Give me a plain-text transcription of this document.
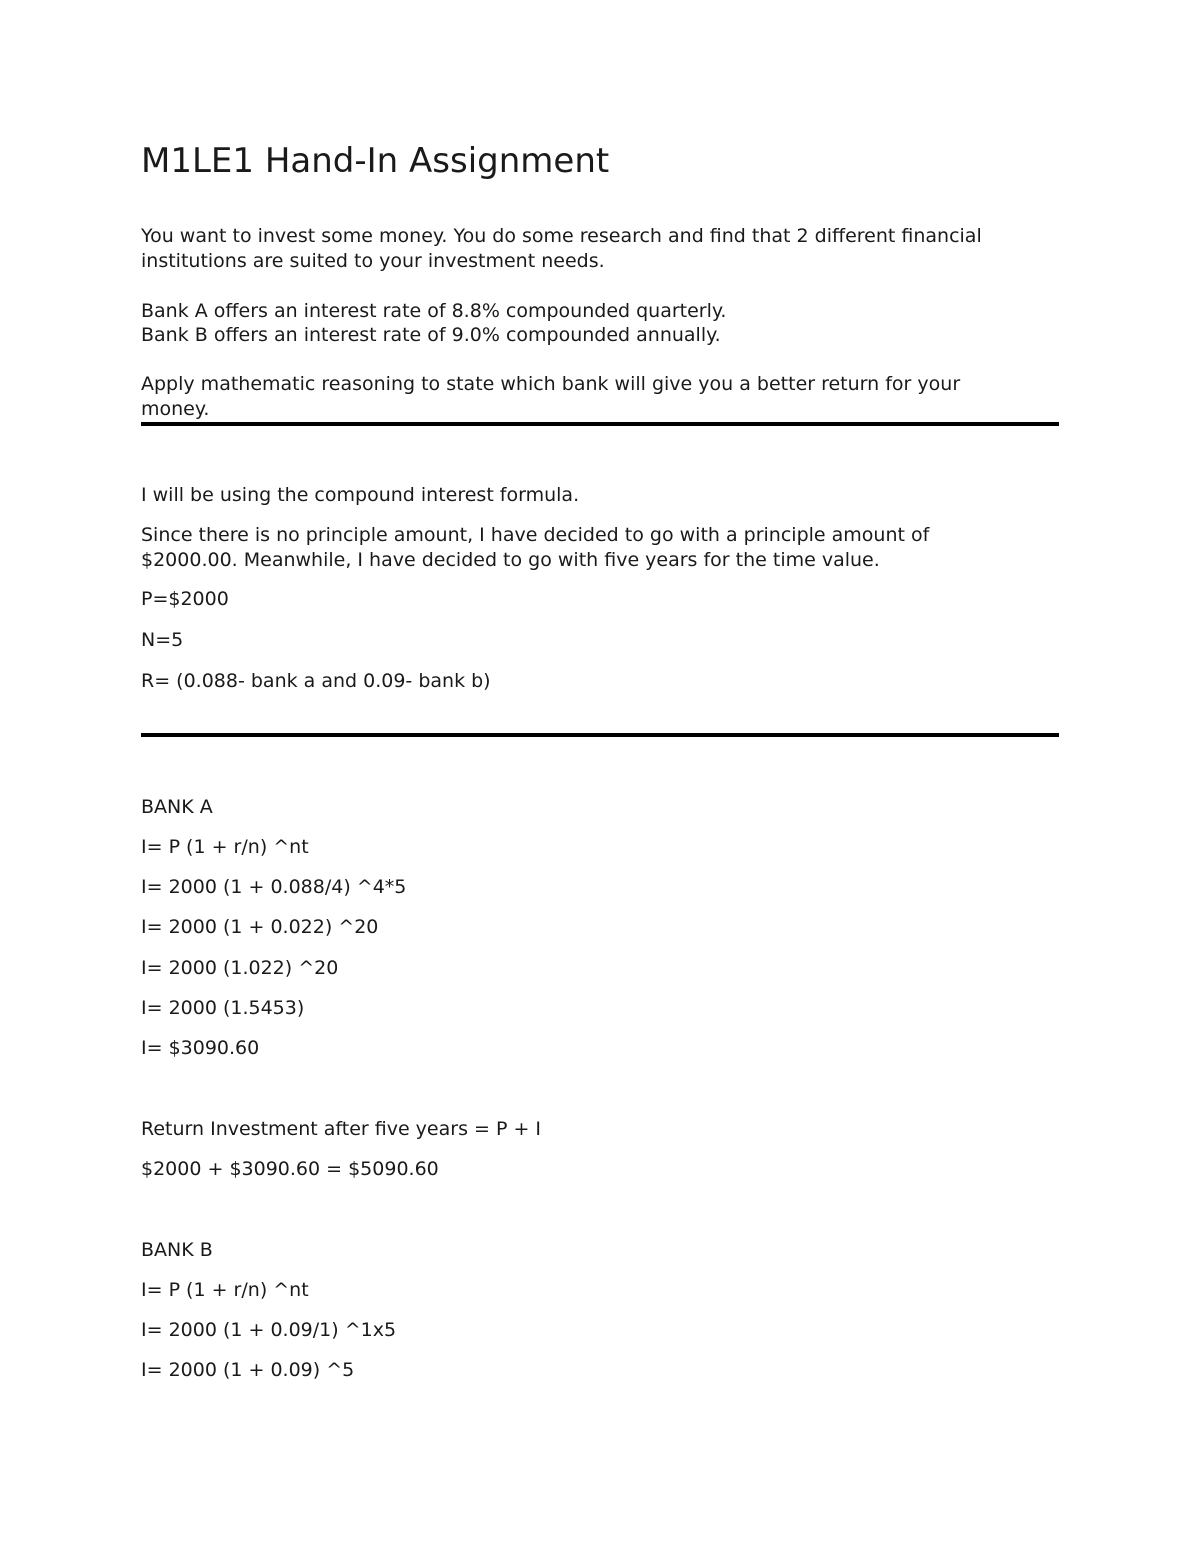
M1LE1 Hand-In Assignment
You want to invest some money. You do some research and find that 2 different financial
institutions are suited to your investment needs.
Bank A offers an interest rate of 8.8% compounded quarterly.
Bank B offers an interest rate of 9.0% compounded annually.
Apply mathematic reasoning to state which bank will give you a better return for your
money.
I will be using the compound interest formula.
Since there is no principle amount, I have decided to go with a principle amount of
$2000.00. Meanwhile, I have decided to go with five years for the time value.
P=$2000
N=5
R= (0.088- bank a and 0.09- bank b)
BANK A
I= P (1 + r/n) ^nt
I= 2000 (1 + 0.088/4) ^4*5
I= 2000 (1 + 0.022) ^20
I= 2000 (1.022) ^20
I= 2000 (1.5453)
I= $3090.60
Return Investment after five years = P + I
$2000 + $3090.60 = $5090.60
BANK B
I= P (1 + r/n) ^nt
I= 2000 (1 + 0.09/1) ^1x5
I= 2000 (1 + 0.09) ^5
